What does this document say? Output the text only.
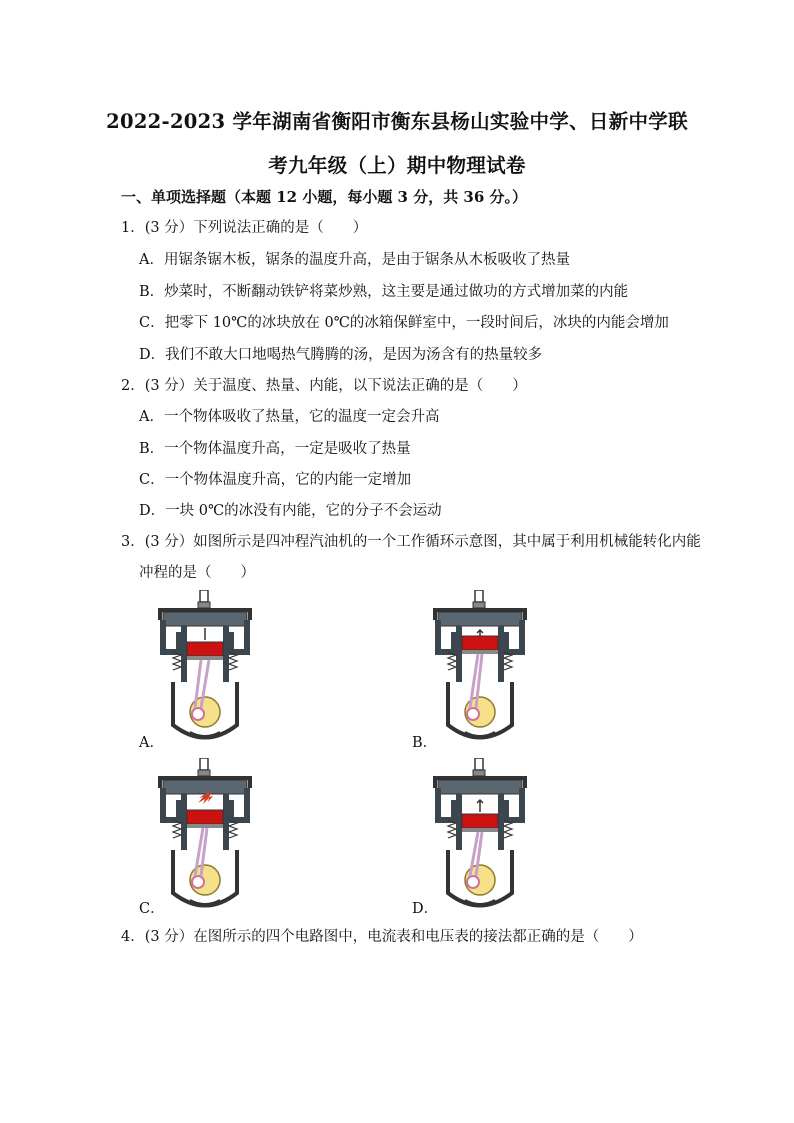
2022-2023 学年湖南省衡阳市衡东县杨山实验中学、日新中学联
考九年级（上）期中物理试卷
一、单项选择题（本题 12 小题，每小题 3 分，共 36 分。）
1．(3 分）下列说法正确的是（　　）
A．用锯条锯木板，锯条的温度升高，是由于锯条从木板吸收了热量
B．炒菜时，不断翻动铁铲将菜炒熟，这主要是通过做功的方式增加菜的内能
C．把零下 10℃的冰块放在 0℃的冰箱保鲜室中，一段时间后，冰块的内能会增加
D．我们不敢大口地喝热气腾腾的汤，是因为汤含有的热量较多
2．(3 分）关于温度、热量、内能，以下说法正确的是（　　）
A．一个物体吸收了热量，它的温度一定会升高
B．一个物体温度升高，一定是吸收了热量
C．一个物体温度升高，它的内能一定增加
D．一块 0℃的冰没有内能，它的分子不会运动
3．(3 分）如图所示是四冲程汽油机的一个工作循环示意图，其中属于利用机械能转化内能
冲程的是（　　）
A．	B．
C．	D．
4．(3 分）在图所示的四个电路图中，电流表和电压表的接法都正确的是（　　）
